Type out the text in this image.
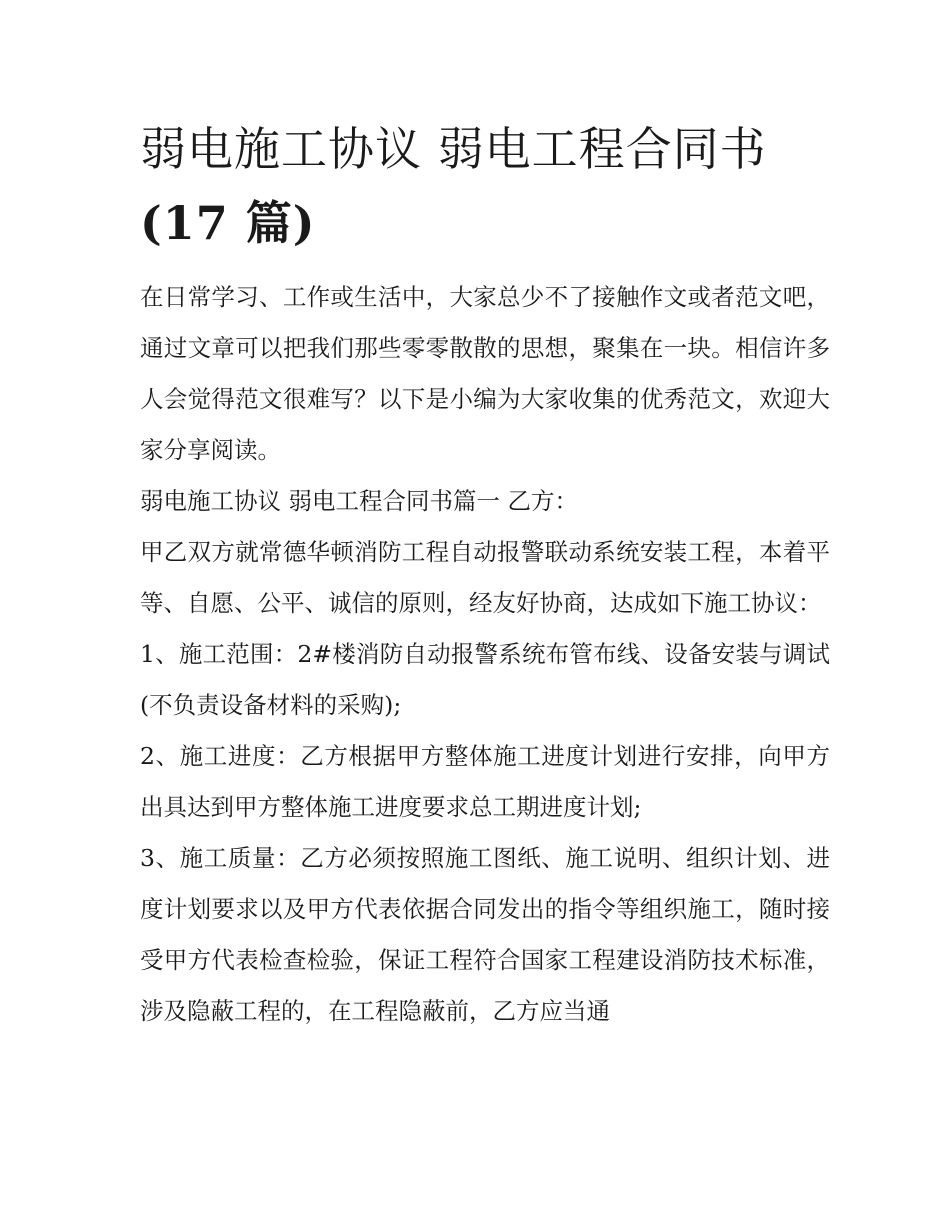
弱电施工协议 弱电工程合同书
(17 篇)

在日常学习、工作或生活中，大家总少不了接触作文或者范文吧，通过文章可以把我们那些零零散散的思想，聚集在一块。相信许多人会觉得范文很难写？以下是小编为大家收集的优秀范文，欢迎大家分享阅读。

弱电施工协议 弱电工程合同书篇一 乙方：

甲乙双方就常德华顿消防工程自动报警联动系统安装工程，本着平等、自愿、公平、诚信的原则，经友好协商，达成如下施工协议：

1、施工范围：2#楼消防自动报警系统布管布线、设备安装与调试(不负责设备材料的采购);

2、施工进度：乙方根据甲方整体施工进度计划进行安排，向甲方出具达到甲方整体施工进度要求总工期进度计划;

3、施工质量：乙方必须按照施工图纸、施工说明、组织计划、进度计划要求以及甲方代表依据合同发出的指令等组织施工，随时接受甲方代表检查检验，保证工程符合国家工程建设消防技术标准，涉及隐蔽工程的，在工程隐蔽前，乙方应当通
